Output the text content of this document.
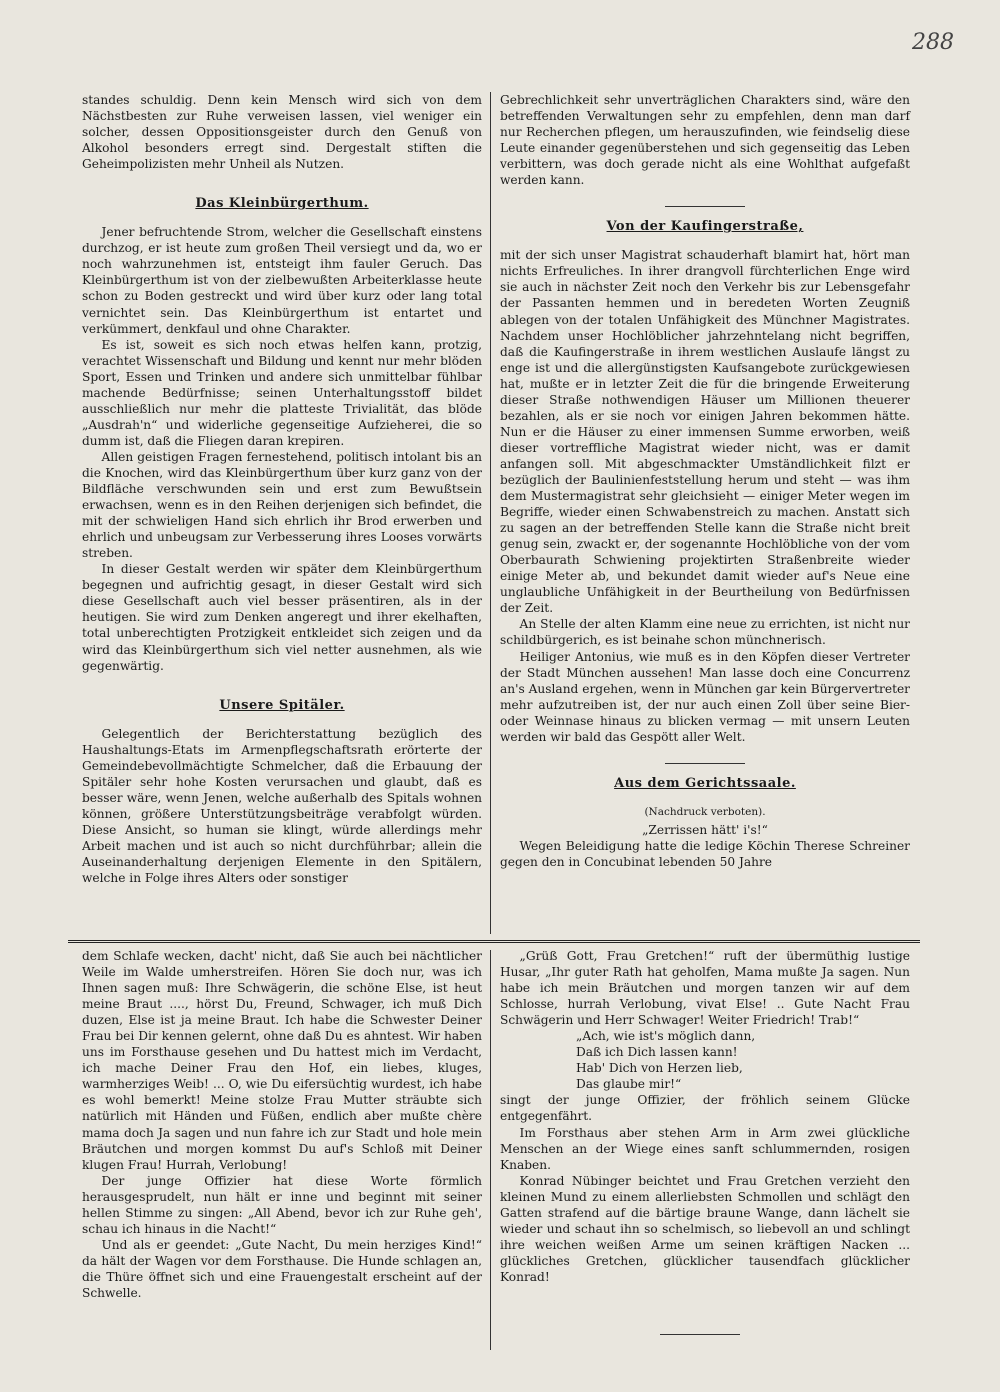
288

standes schuldig. Denn kein Mensch wird sich von dem Nächstbesten zur Ruhe verweisen lassen, viel weniger ein solcher, dessen Oppositionsgeister durch den Genuß von Alkohol besonders erregt sind. Dergestalt stiften die Geheimpolizisten mehr Unheil als Nutzen.

Das Kleinbürgerthum.

Jener befruchtende Strom, welcher die Gesellschaft einstens durchzog, er ist heute zum großen Theil versiegt und da, wo er noch wahrzunehmen ist, entsteigt ihm fauler Geruch. Das Kleinbürgerthum ist von der zielbewußten Arbeiterklasse heute schon zu Boden gestreckt und wird über kurz oder lang total vernichtet sein. Das Kleinbürgerthum ist entartet und verkümmert, denkfaul und ohne Charakter.

Es ist, soweit es sich noch etwas helfen kann, protzig, verachtet Wissenschaft und Bildung und kennt nur mehr blöden Sport, Essen und Trinken und andere sich unmittelbar fühlbar machende Bedürfnisse; seinen Unterhaltungsstoff bildet ausschließlich nur mehr die platteste Trivialität, das blöde „Ausdrah'n“ und widerliche gegenseitige Aufzieherei, die so dumm ist, daß die Fliegen daran krepiren.

Allen geistigen Fragen fernestehend, politisch intolant bis an die Knochen, wird das Kleinbürgerthum über kurz ganz von der Bildfläche verschwunden sein und erst zum Bewußtsein erwachsen, wenn es in den Reihen derjenigen sich befindet, die mit der schwieligen Hand sich ehrlich ihr Brod erwerben und ehrlich und unbeugsam zur Verbesserung ihres Looses vorwärts streben.

In dieser Gestalt werden wir später dem Kleinbürgerthum begegnen und aufrichtig gesagt, in dieser Gestalt wird sich diese Gesellschaft auch viel besser präsentiren, als in der heutigen. Sie wird zum Denken angeregt und ihrer ekelhaften, total unberechtigten Protzigkeit entkleidet sich zeigen und da wird das Kleinbürgerthum sich viel netter ausnehmen, als wie gegenwärtig.

Unsere Spitäler.

Gelegentlich der Berichterstattung bezüglich des Haushaltungs-Etats im Armenpflegschaftsrath erörterte der Gemeindebevollmächtigte Schmelcher, daß die Erbauung der Spitäler sehr hohe Kosten verursachen und glaubt, daß es besser wäre, wenn Jenen, welche außerhalb des Spitals wohnen können, größere Unterstützungsbeiträge verabfolgt würden. Diese Ansicht, so human sie klingt, würde allerdings mehr Arbeit machen und ist auch so nicht durchführbar; allein die Auseinanderhaltung derjenigen Elemente in den Spitälern, welche in Folge ihres Alters oder sonstiger

Gebrechlichkeit sehr unverträglichen Charakters sind, wäre den betreffenden Verwaltungen sehr zu empfehlen, denn man darf nur Recherchen pflegen, um herauszufinden, wie feindselig diese Leute einander gegenüberstehen und sich gegenseitig das Leben verbittern, was doch gerade nicht als eine Wohlthat aufgefaßt werden kann.

Von der Kaufingerstraße,

mit der sich unser Magistrat schauderhaft blamirt hat, hört man nichts Erfreuliches. In ihrer drangvoll fürchterlichen Enge wird sie auch in nächster Zeit noch den Verkehr bis zur Lebensgefahr der Passanten hemmen und in beredeten Worten Zeugniß ablegen von der totalen Unfähigkeit des Münchner Magistrates. Nachdem unser Hochlöblicher jahrzehntelang nicht begriffen, daß die Kaufingerstraße in ihrem westlichen Auslaufe längst zu enge ist und die allergünstigsten Kaufsangebote zurückgewiesen hat, mußte er in letzter Zeit die für die bringende Erweiterung dieser Straße nothwendigen Häuser um Millionen theuerer bezahlen, als er sie noch vor einigen Jahren bekommen hätte. Nun er die Häuser zu einer immensen Summe erworben, weiß dieser vortreffliche Magistrat wieder nicht, was er damit anfangen soll. Mit abgeschmackter Umständlichkeit filzt er bezüglich der Baulinienfeststellung herum und steht — was ihm dem Mustermagistrat sehr gleichsieht — einiger Meter wegen im Begriffe, wieder einen Schwabenstreich zu machen. Anstatt sich zu sagen an der betreffenden Stelle kann die Straße nicht breit genug sein, zwackt er, der sogenannte Hochlöbliche von der vom Oberbaurath Schwiening projektirten Straßenbreite wieder einige Meter ab, und bekundet damit wieder auf's Neue eine unglaubliche Unfähigkeit in der Beurtheilung von Bedürfnissen der Zeit.

An Stelle der alten Klamm eine neue zu errichten, ist nicht nur schildbürgerich, es ist beinahe schon münchnerisch.

Heiliger Antonius, wie muß es in den Köpfen dieser Vertreter der Stadt München aussehen! Man lasse doch eine Concurrenz an's Ausland ergehen, wenn in München gar kein Bürgervertreter mehr aufzutreiben ist, der nur auch einen Zoll über seine Bier- oder Weinnase hinaus zu blicken vermag — mit unsern Leuten werden wir bald das Gespött aller Welt.

Aus dem Gerichtssaale.
(Nachdruck verboten).

„Zerrissen hätt' i's!“

Wegen Beleidigung hatte die ledige Köchin Therese Schreiner gegen den in Concubinat lebenden 50 Jahre

dem Schlafe wecken, dacht' nicht, daß Sie auch bei nächtlicher Weile im Walde umherstreifen. Hören Sie doch nur, was ich Ihnen sagen muß: Ihre Schwägerin, die schöne Else, ist heut meine Braut ...., hörst Du, Freund, Schwager, ich muß Dich duzen, Else ist ja meine Braut. Ich habe die Schwester Deiner Frau bei Dir kennen gelernt, ohne daß Du es ahntest. Wir haben uns im Forsthause gesehen und Du hattest mich im Verdacht, ich mache Deiner Frau den Hof, ein liebes, kluges, warmherziges Weib! ... O, wie Du eifersüchtig wurdest, ich habe es wohl bemerkt! Meine stolze Frau Mutter sträubte sich natürlich mit Händen und Füßen, endlich aber mußte chère mama doch Ja sagen und nun fahre ich zur Stadt und hole mein Bräutchen und morgen kommst Du auf's Schloß mit Deiner klugen Frau! Hurrah, Verlobung!

Der junge Offizier hat diese Worte förmlich herausgesprudelt, nun hält er inne und beginnt mit seiner hellen Stimme zu singen: „All Abend, bevor ich zur Ruhe geh', schau ich hinaus in die Nacht!“

Und als er geendet: „Gute Nacht, Du mein herziges Kind!“ da hält der Wagen vor dem Forsthause. Die Hunde schlagen an, die Thüre öffnet sich und eine Frauengestalt erscheint auf der Schwelle.

„Grüß Gott, Frau Gretchen!“ ruft der übermüthig lustige Husar, „Ihr guter Rath hat geholfen, Mama mußte Ja sagen. Nun habe ich mein Bräutchen und morgen tanzen wir auf dem Schlosse, hurrah Verlobung, vivat Else! .. Gute Nacht Frau Schwägerin und Herr Schwager! Weiter Friedrich! Trab!“

„Ach, wie ist's möglich dann,

Daß ich Dich lassen kann!

Hab' Dich von Herzen lieb,

Das glaube mir!“

singt der junge Offizier, der fröhlich seinem Glücke entgegenfährt.

Im Forsthaus aber stehen Arm in Arm zwei glückliche Menschen an der Wiege eines sanft schlummernden, rosigen Knaben.

Konrad Nübinger beichtet und Frau Gretchen verzieht den kleinen Mund zu einem allerliebsten Schmollen und schlägt den Gatten strafend auf die bärtige braune Wange, dann lächelt sie wieder und schaut ihn so schelmisch, so liebevoll an und schlingt ihre weichen weißen Arme um seinen kräftigen Nacken ... glückliches Gretchen, glücklicher tausendfach glücklicher Konrad!
